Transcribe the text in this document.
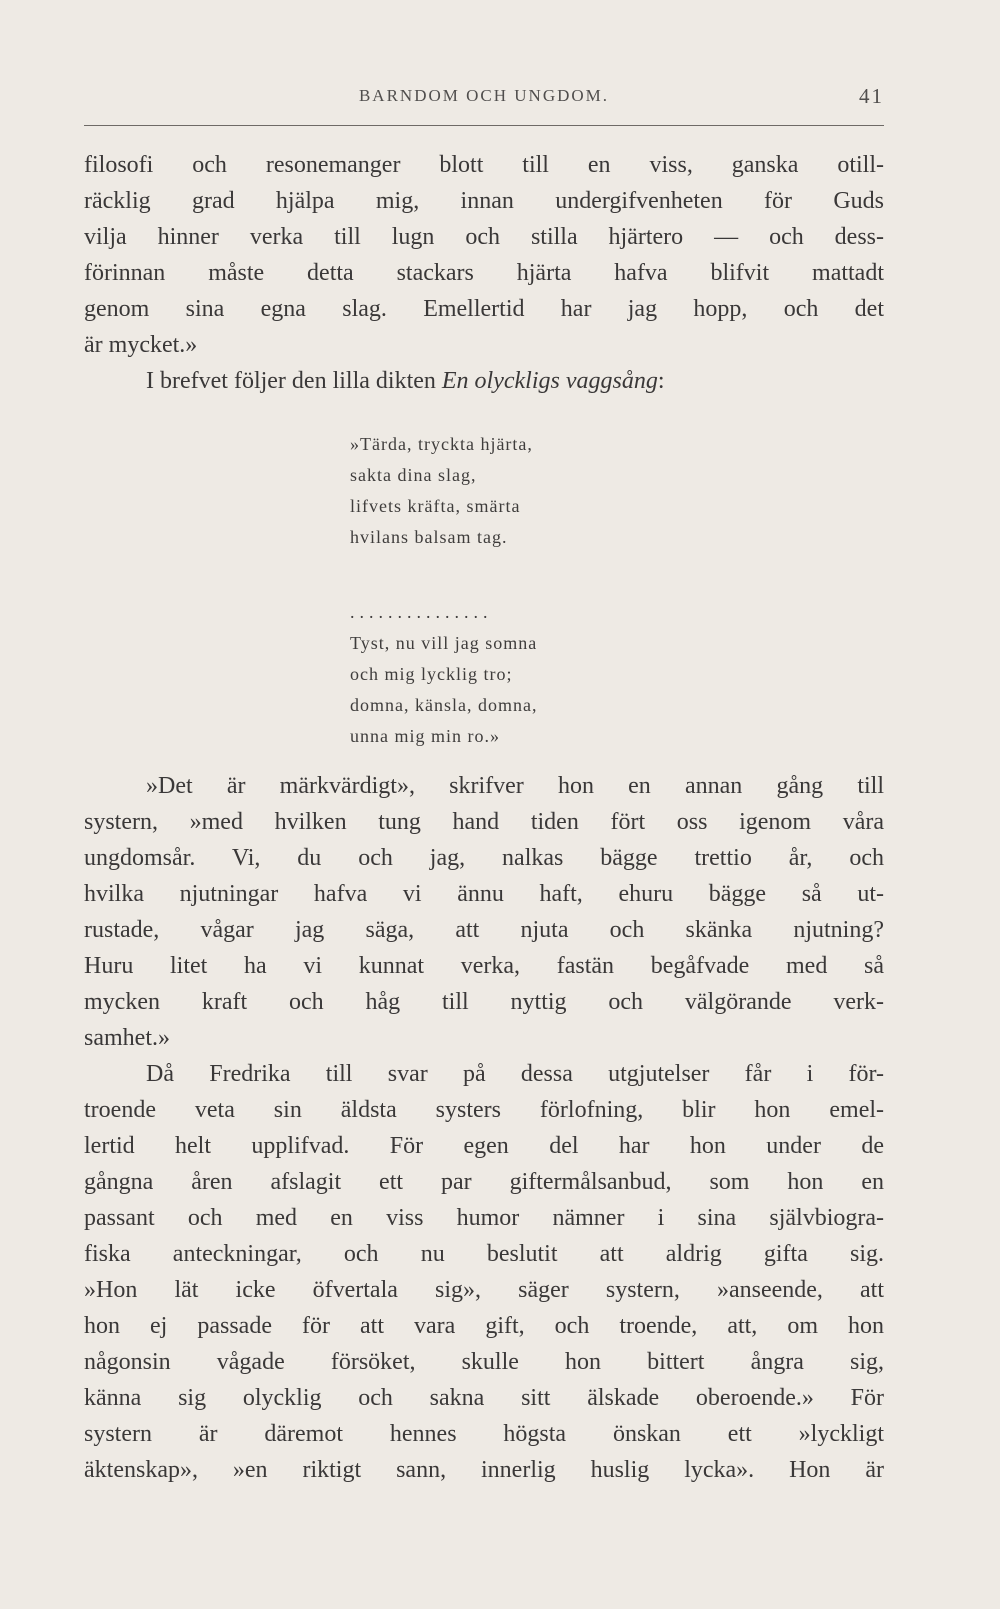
BARNDOM OCH UNGDOM.	41
filosofi och resonemanger blott till en viss, ganska otill-
räcklig grad hjälpa mig, innan undergifvenheten för Guds
vilja hinner verka till lugn och stilla hjärtero — och dess-
förinnan måste detta stackars hjärta hafva blifvit mattadt
genom sina egna slag. Emellertid har jag hopp, och det
är mycket.»
I brefvet följer den lilla dikten En olyckligs vaggsång:
»Tärda, tryckta hjärta,
sakta dina slag,
lifvets kräfta, smärta
hvilans balsam tag.
...............
Tyst, nu vill jag somna
och mig lycklig tro;
domna, känsla, domna,
unna mig min ro.»
»Det är märkvärdigt», skrifver hon en annan gång till
systern, »med hvilken tung hand tiden fört oss igenom våra
ungdomsår. Vi, du och jag, nalkas bägge trettio år, och
hvilka njutningar hafva vi ännu haft, ehuru bägge så ut-
rustade, vågar jag säga, att njuta och skänka njutning?
Huru litet ha vi kunnat verka, fastän begåfvade med så
mycken kraft och håg till nyttig och välgörande verk-
samhet.»
Då Fredrika till svar på dessa utgjutelser får i för-
troende veta sin äldsta systers förlofning, blir hon emel-
lertid helt upplifvad. För egen del har hon under de
gångna åren afslagit ett par giftermålsanbud, som hon en
passant och med en viss humor nämner i sina självbiogra-
fiska anteckningar, och nu beslutit att aldrig gifta sig.
»Hon lät icke öfvertala sig», säger systern, »anseende, att
hon ej passade för att vara gift, och troende, att, om hon
någonsin vågade försöket, skulle hon bittert ångra sig,
känna sig olycklig och sakna sitt älskade oberoende.» För
systern är däremot hennes högsta önskan ett »lyckligt
äktenskap», »en riktigt sann, innerlig huslig lycka». Hon är
